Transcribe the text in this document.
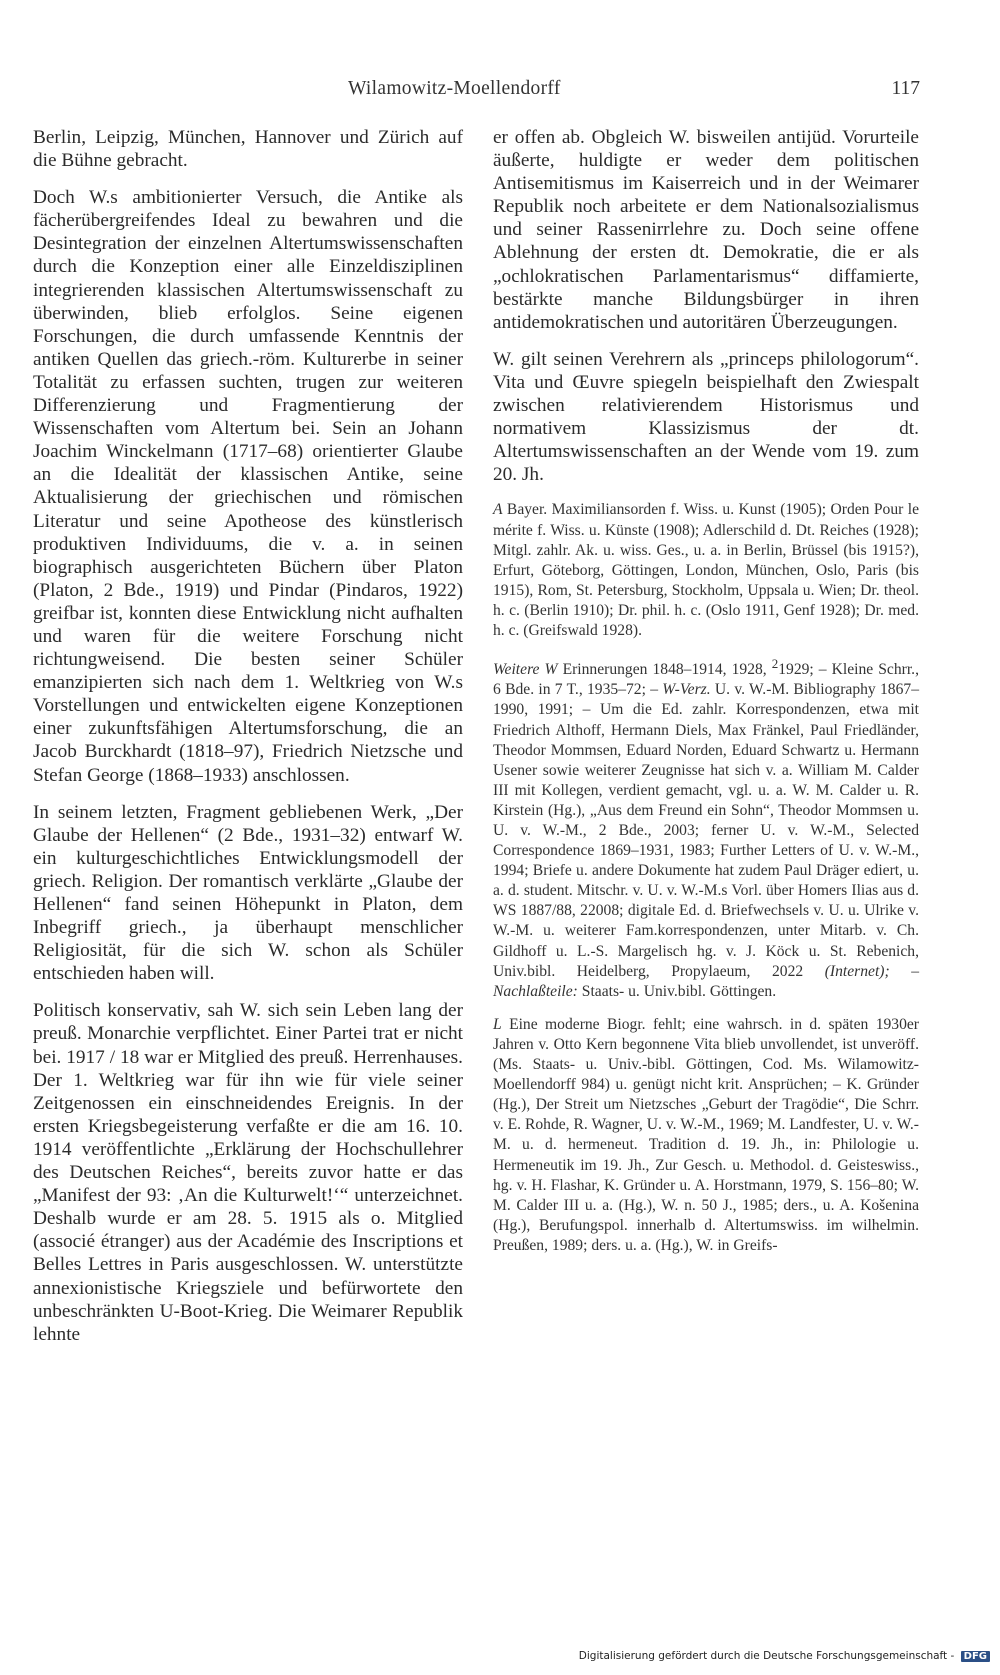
Wilamowitz-Moellendorff	117

Berlin, Leipzig, München, Hannover und Zürich auf die Bühne gebracht.

Doch W.s ambitionierter Versuch, die Antike als fächerübergreifendes Ideal zu bewahren und die Desintegration der einzelnen Altertumswissenschaften durch die Konzeption einer alle Einzeldisziplinen integrierenden klassischen Altertumswissenschaft zu überwinden, blieb erfolglos. Seine eigenen Forschungen, die durch umfassende Kenntnis der antiken Quellen das griech.-röm. Kulturerbe in seiner Totalität zu erfassen suchten, trugen zur weiteren Differenzierung und Fragmentierung der Wissenschaften vom Altertum bei. Sein an Johann Joachim Winckelmann (1717–68) orientierter Glaube an die Idealität der klassischen Antike, seine Aktualisierung der griechischen und römischen Literatur und seine Apotheose des künstlerisch produktiven Individuums, die v. a. in seinen biographisch ausgerichteten Büchern über Platon (Platon, 2 Bde., 1919) und Pindar (Pindaros, 1922) greifbar ist, konnten diese Entwicklung nicht aufhalten und waren für die weitere Forschung nicht richtungweisend. Die besten seiner Schüler emanzipierten sich nach dem 1. Weltkrieg von W.s Vorstellungen und entwickelten eigene Konzeptionen einer zukunftsfähigen Altertumsforschung, die an Jacob Burckhardt (1818–97), Friedrich Nietzsche und Stefan George (1868–1933) anschlossen.

In seinem letzten, Fragment gebliebenen Werk, „Der Glaube der Hellenen“ (2 Bde., 1931–32) entwarf W. ein kulturgeschichtliches Entwicklungsmodell der griech. Religion. Der romantisch verklärte „Glaube der Hellenen“ fand seinen Höhepunkt in Platon, dem Inbegriff griech., ja überhaupt menschlicher Religiosität, für die sich W. schon als Schüler entschieden haben will.

Politisch konservativ, sah W. sich sein Leben lang der preuß. Monarchie verpflichtet. Einer Partei trat er nicht bei. 1917 / 18 war er Mitglied des preuß. Herrenhauses. Der 1. Weltkrieg war für ihn wie für viele seiner Zeitgenossen ein einschneidendes Ereignis. In der ersten Kriegsbegeisterung verfaßte er die am 16. 10. 1914 veröffentlichte „Erklärung der Hochschullehrer des Deutschen Reiches“, bereits zuvor hatte er das „Manifest der 93: ‚An die Kulturwelt!‘“ unterzeichnet. Deshalb wurde er am 28. 5. 1915 als o. Mitglied (associé étranger) aus der Académie des Inscriptions et Belles Lettres in Paris ausgeschlossen. W. unterstützte annexionistische Kriegsziele und befürwortete den unbeschränkten U-Boot-Krieg. Die Weimarer Republik lehnte

er offen ab. Obgleich W. bisweilen antijüd. Vorurteile äußerte, huldigte er weder dem politischen Antisemitismus im Kaiserreich und in der Weimarer Republik noch arbeitete er dem Nationalsozialismus und seiner Rassenirrlehre zu. Doch seine offene Ablehnung der ersten dt. Demokratie, die er als „ochlokratischen Parlamentarismus“ diffamierte, bestärkte manche Bildungsbürger in ihren antidemokratischen und autoritären Überzeugungen.

W. gilt seinen Verehrern als „princeps philologorum“. Vita und Œuvre spiegeln beispielhaft den Zwiespalt zwischen relativierendem Historismus und normativem Klassizismus der dt. Altertumswissenschaften an der Wende vom 19. zum 20. Jh.

A Bayer. Maximiliansorden f. Wiss. u. Kunst (1905); Orden Pour le mérite f. Wiss. u. Künste (1908); Adlerschild d. Dt. Reiches (1928); Mitgl. zahlr. Ak. u. wiss. Ges., u. a. in Berlin, Brüssel (bis 1915?), Erfurt, Göteborg, Göttingen, London, München, Oslo, Paris (bis 1915), Rom, St. Petersburg, Stockholm, Uppsala u. Wien; Dr. theol. h. c. (Berlin 1910); Dr. phil. h. c. (Oslo 1911, Genf 1928); Dr. med. h. c. (Greifswald 1928).

Weitere W Erinnerungen 1848–1914, 1928, $^2$1929; – Kleine Schrr., 6 Bde. in 7 T., 1935–72; – W-Verz. U. v. W.-M. Bibliography 1867–1990, 1991; – Um die Ed. zahlr. Korrespondenzen, etwa mit Friedrich Althoff, Hermann Diels, Max Fränkel, Paul Friedländer, Theodor Mommsen, Eduard Norden, Eduard Schwartz u. Hermann Usener sowie weiterer Zeugnisse hat sich v. a. William M. Calder III mit Kollegen, verdient gemacht, vgl. u. a. W. M. Calder u. R. Kirstein (Hg.), „Aus dem Freund ein Sohn“, Theodor Mommsen u. U. v. W.-M., 2 Bde., 2003; ferner U. v. W.-M., Selected Correspondence 1869–1931, 1983; Further Letters of U. v. W.-M., 1994; Briefe u. andere Dokumente hat zudem Paul Dräger ediert, u. a. d. student. Mitschr. v. U. v. W.-M.s Vorl. über Homers Ilias aus d. WS 1887/88, 22008; digitale Ed. d. Briefwechsels v. U. u. Ulrike v. W.-M. u. weiterer Fam.korrespondenzen, unter Mitarb. v. Ch. Gildhoff u. L.-S. Margelisch hg. v. J. Köck u. St. Rebenich, Univ.bibl. Heidelberg, Propylaeum, 2022 (Internet); – Nachlaßteile: Staats- u. Univ.bibl. Göttingen.

L Eine moderne Biogr. fehlt; eine wahrsch. in d. späten 1930er Jahren v. Otto Kern begonnene Vita blieb unvollendet, ist unveröff. (Ms. Staats- u. Univ.-bibl. Göttingen, Cod. Ms. Wilamowitz-Moellendorff 984) u. genügt nicht krit. Ansprüchen; – K. Gründer (Hg.), Der Streit um Nietzsches „Geburt der Tragödie“, Die Schrr. v. E. Rohde, R. Wagner, U. v. W.-M., 1969; M. Landfester, U. v. W.-M. u. d. hermeneut. Tradition d. 19. Jh., in: Philologie u. Hermeneutik im 19. Jh., Zur Gesch. u. Methodol. d. Geisteswiss., hg. v. H. Flashar, K. Gründer u. A. Horstmann, 1979, S. 156–80; W. M. Calder III u. a. (Hg.), W. n. 50 J., 1985; ders., u. A. Košenina (Hg.), Berufungspol. innerhalb d. Altertumswiss. im wilhelmin. Preußen, 1989; ders. u. a. (Hg.), W. in Greifs-

Digitalisierung gefördert durch die Deutsche Forschungsgemeinschaft - DFG
